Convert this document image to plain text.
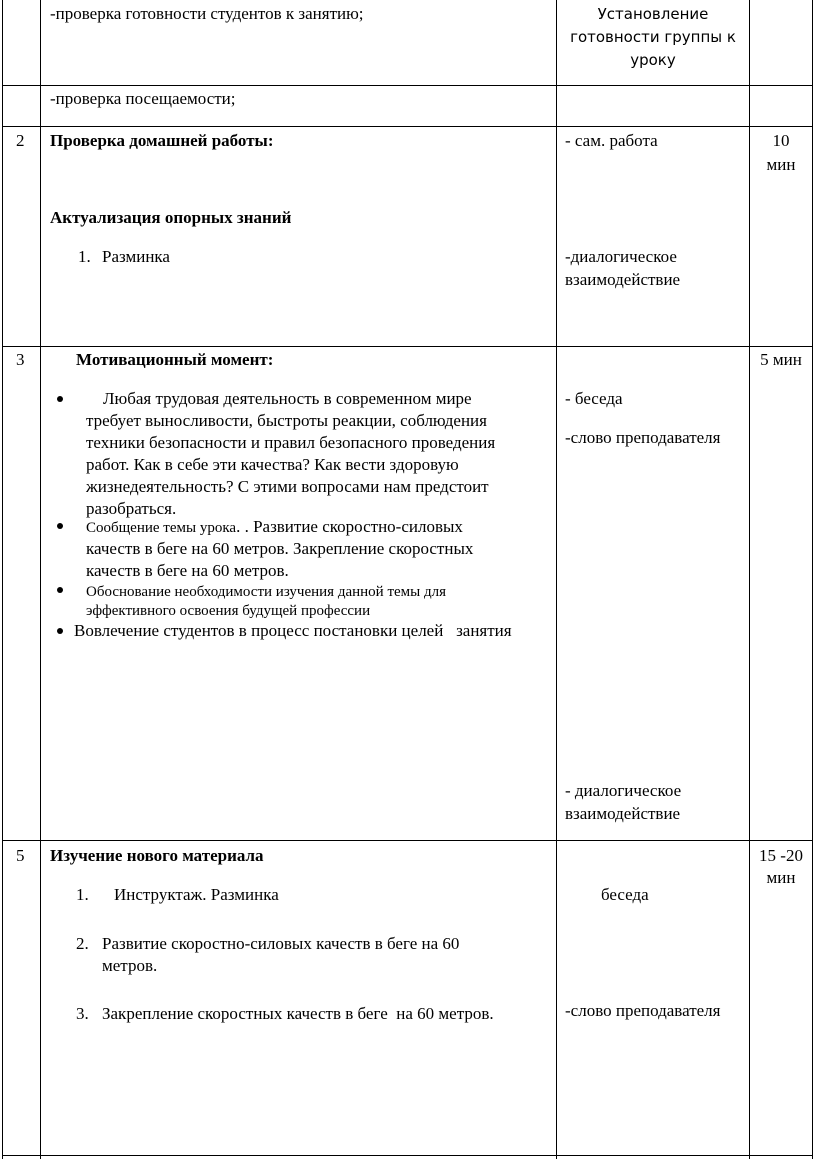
-проверка готовности студентов к занятию;	Установление
готовности группы к
уроку
-проверка посещаемости;
2 Проверка домашней работы:
Актуализация опорных знаний
1. Разминка
- сам. работа
-диалогическое
взаимодействие
10
мин
3	Мотивационный момент:
Любая трудовая деятельность в современном мире
требует выносливости, быстроты реакции, соблюдения
техники безопасности и правил безопасного проведения
работ. Как в себе эти качества? Как вести здоровую
жизнедеятельность? С этими вопросами нам предстоит
разобраться.
Сообщение темы урока. . Развитие скоростно-силовых
качеств в беге на 60 метров. Закрепление скоростных
качеств в беге на 60 метров.
Обоснование необходимости изучения данной темы для
эффективного освоения будущей профессии
Вовлечение студентов в процесс постановки целей   занятия
- беседа
-слово преподавателя
- диалогическое
взаимодействие
5 мин
5 Изучение нового материала
1. Инструктаж. Разминка
2. Развитие скоростно-силовых качеств в беге на 60
метров.
3. Закрепление скоростных качеств в беге  на 60 метров.
беседа
-слово преподавателя
15 -20
мин
